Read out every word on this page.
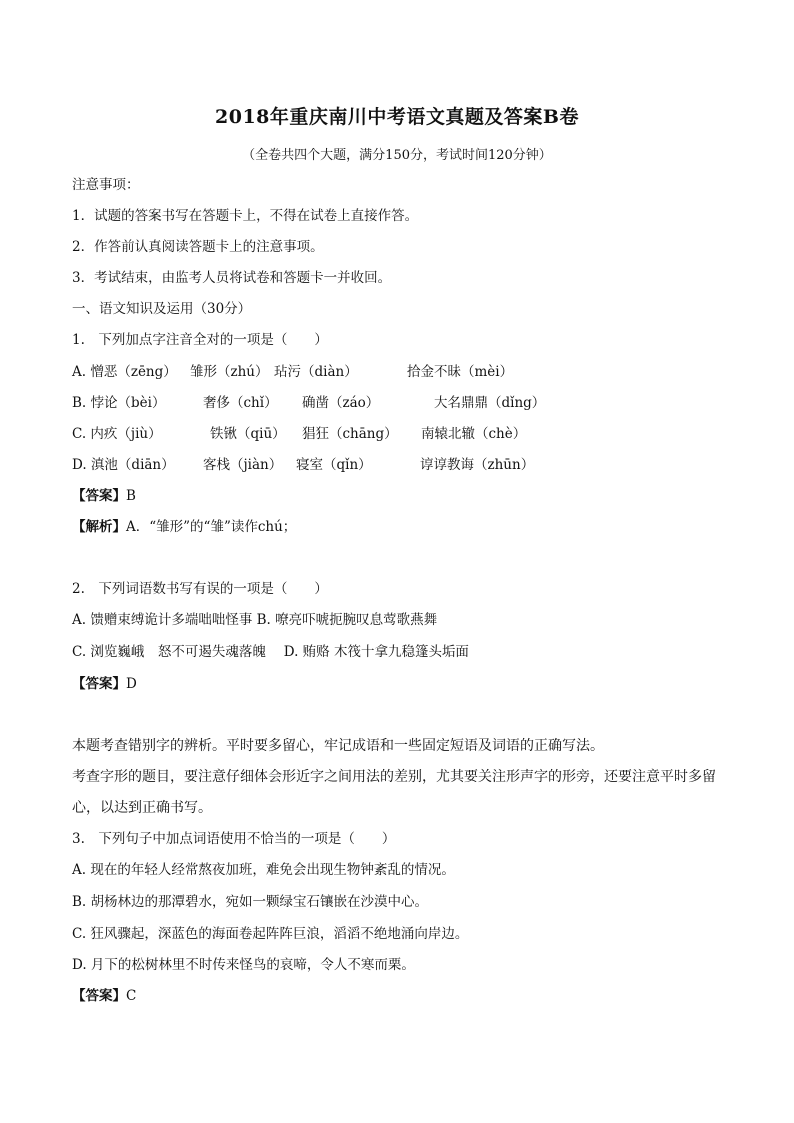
2018年重庆南川中考语文真题及答案B卷
（全卷共四个大题，满分150分，考试时间120分钟）
注意事项：
1．试题的答案书写在答题卡上，不得在试卷上直接作答。
2．作答前认真阅读答题卡上的注意事项。
3．考试结束，由监考人员将试卷和答题卡一并收回。
一、语文知识及运用（30分）
1.　下列加点字注音全对的一项是（　　）
A. 憎恶（zēng） 雏形（zhú） 玷污（diàn）	拾金不昧（mèi）
B. 悖论（bèi）	奢侈（chǐ） 确凿（záo）	大名鼎鼎（dǐng）
C. 内疚（jiù）	铁锹（qiū） 猖狂（chāng） 南辕北辙（chè）
D. 滇池（diān） 客栈（jiàn） 寝室（qǐn）	谆谆教诲（zhūn）
【答案】B
【解析】A．“雏形”的“雏”读作chú；
2.　下列词语数书写有误的一项是（　　）
A. 馈赠束缚诡计多端咄咄怪事 B. 嘹亮吓唬扼腕叹息莺歌燕舞
C. 浏览巍峨　怒不可遏失魂落魄　 D. 贿赂 木筏十拿九稳篷头垢面
【答案】D
本题考查错别字的辨析。平时要多留心，牢记成语和一些固定短语及词语的正确写法。
考查字形的题目，要注意仔细体会形近字之间用法的差别，尤其要关注形声字的形旁，还要注意平时多留心，以达到正确书写。
3.　下列句子中加点词语使用不恰当的一项是（　　）
A. 现在的年轻人经常熬夜加班，难免会出现生物钟紊乱的情况。
B. 胡杨林边的那潭碧水，宛如一颗绿宝石镶嵌在沙漠中心。
C. 狂风骤起，深蓝色的海面卷起阵阵巨浪，滔滔不绝地涌向岸边。
D. 月下的松树林里不时传来怪鸟的哀啼，令人不寒而栗。
【答案】C
